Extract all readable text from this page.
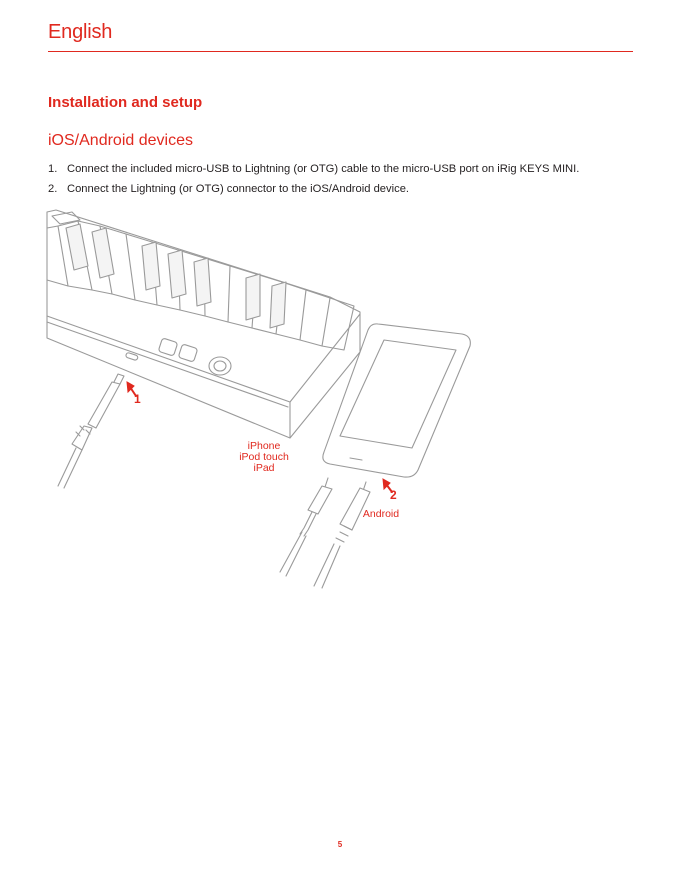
English
Installation and setup
iOS/Android devices
1. Connect the included micro-USB to Lightning (or OTG) cable to the micro-USB port on iRig KEYS MINI.
2. Connect the Lightning (or OTG) connector to the iOS/Android device.
1
2
iPhone
iPod touch
iPad
Android
5
